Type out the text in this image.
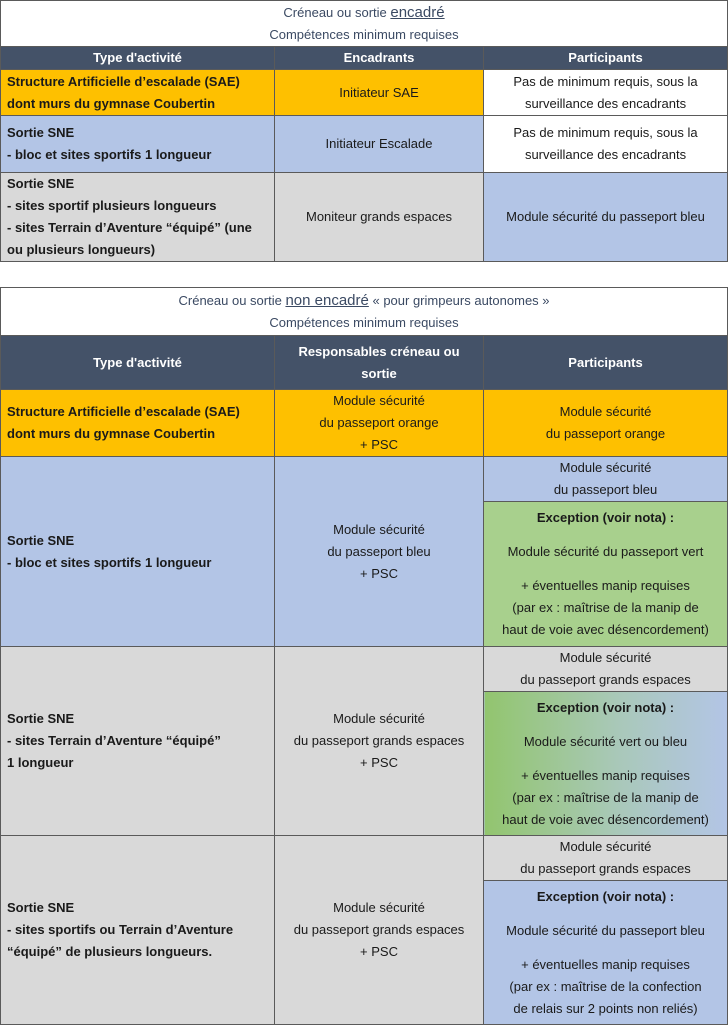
Créneau ou sortie encadré
Compétences minimum requises		

Type d'activité	Encadrants	Participants

Structure Artificielle d’escalade (SAE)
dont murs du gymnase Coubertin	Initiateur SAE	Pas de minimum requis, sous la
surveillance des encadrants

Sortie SNE
- bloc et sites sportifs 1 longueur	Initiateur Escalade	Pas de minimum requis, sous la
surveillance des encadrants

Sortie SNE
- sites sportif plusieurs longueurs
- sites Terrain d’Aventure “équipé” (une
ou plusieurs longueurs)	Moniteur grands espaces	Module sécurité du passeport bleu
Créneau ou sortie non encadré « pour grimpeurs autonomes »
Compétences minimum requises		

Type d'activité	Responsables créneau ou
sortie	Participants

Structure Artificielle d’escalade (SAE)
dont murs du gymnase Coubertin	Module sécurité
du passeport orange
+ PSC	Module sécurité
du passeport orange

Sortie SNE
- bloc et sites sportifs 1 longueur	Module sécurité
du passeport bleu
+ PSC	Module sécurité
du passeport bleu

		Exception (voir nota) :
Module sécurité du passeport vert
+ éventuelles manip requises
(par ex : maîtrise de la manip de
haut de voie avec désencordement)

Sortie SNE
- sites Terrain d’Aventure “équipé”
1 longueur	Module sécurité
du passeport grands espaces
+ PSC	Module sécurité
du passeport grands espaces

		Exception (voir nota) :
Module sécurité vert ou bleu
+ éventuelles manip requises
(par ex : maîtrise de la manip de
haut de voie avec désencordement)

Sortie SNE
- sites sportifs ou Terrain d’Aventure
“équipé” de plusieurs longueurs.	Module sécurité
du passeport grands espaces
+ PSC	Module sécurité
du passeport grands espaces

		Exception (voir nota) :
Module sécurité du passeport bleu
+ éventuelles manip requises
(par ex : maîtrise de la confection
de relais sur 2 points non reliés)
